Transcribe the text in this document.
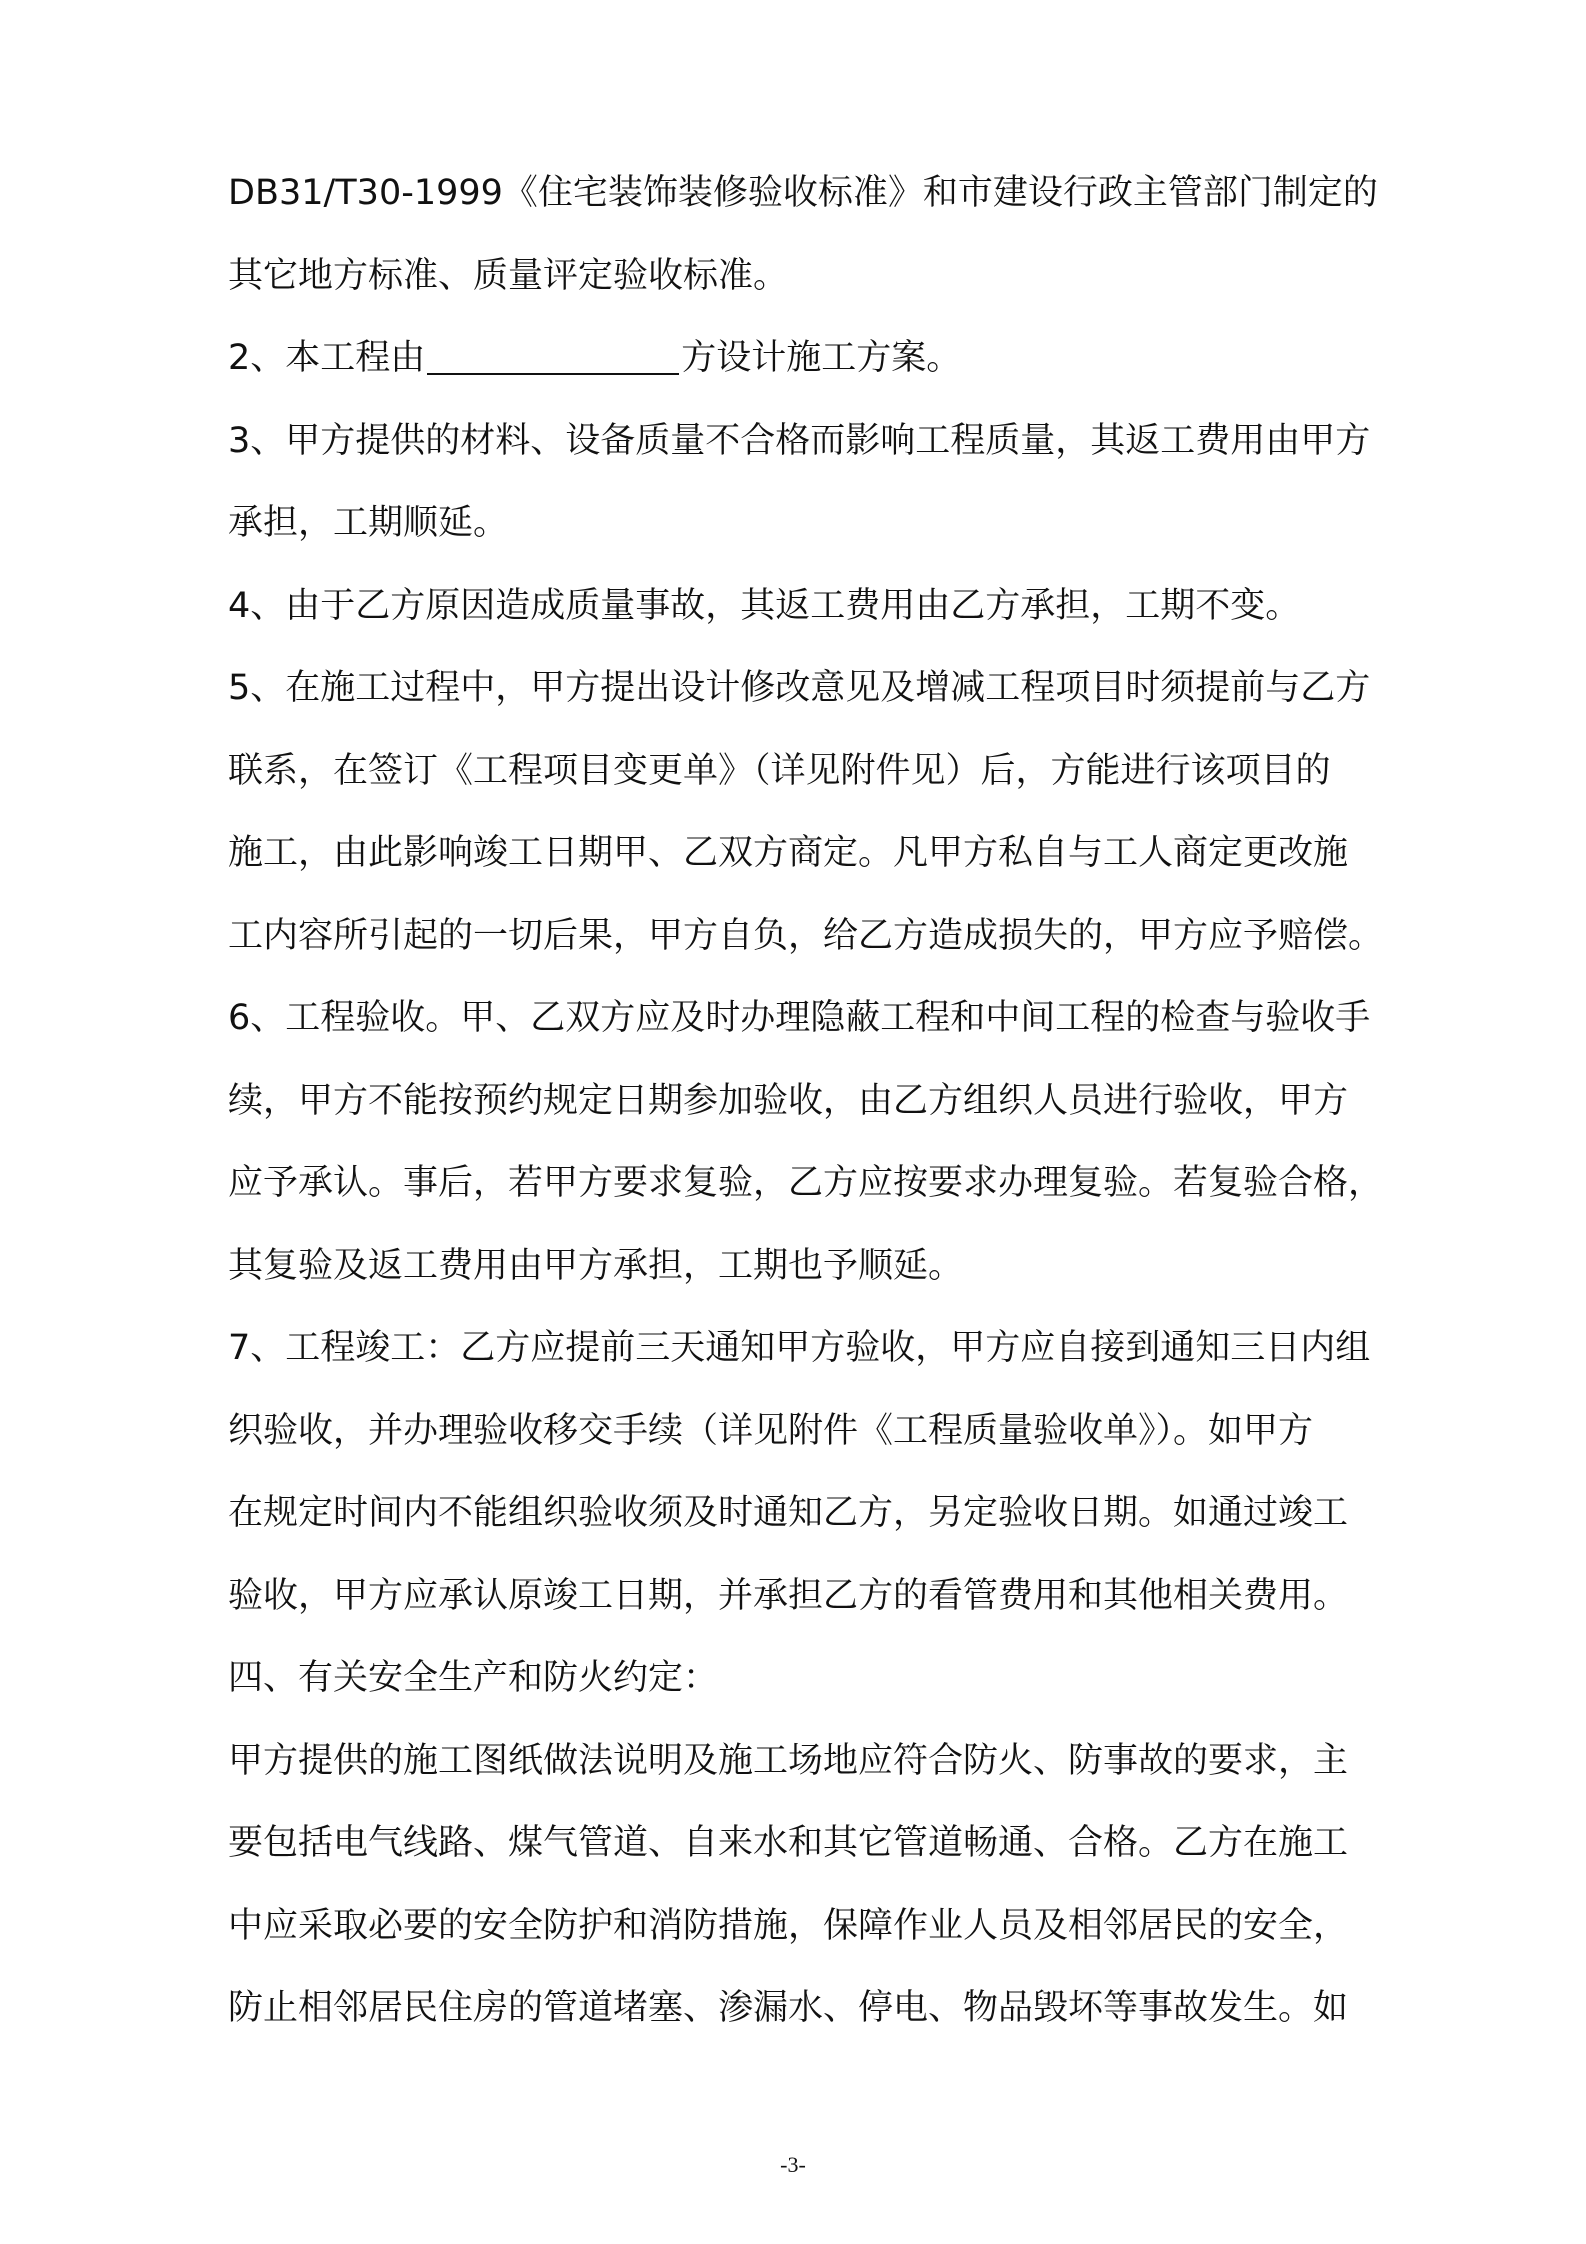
DB31/T30-1999《住宅装饰装修验收标准》和市建设行政主管部门制定的
其它地方标准、质量评定验收标准。
2、本工程由	方设计施工方案。
3、甲方提供的材料、设备质量不合格而影响工程质量，其返工费用由甲方
承担，工期顺延。
4、由于乙方原因造成质量事故，其返工费用由乙方承担，工期不变。
5、在施工过程中，甲方提出设计修改意见及增减工程项目时须提前与乙方
联系，在签订《工程项目变更单》（详见附件见）后，方能进行该项目的
施工，由此影响竣工日期甲、乙双方商定。凡甲方私自与工人商定更改施
工内容所引起的一切后果，甲方自负，给乙方造成损失的，甲方应予赔偿。
6、工程验收。甲、乙双方应及时办理隐蔽工程和中间工程的检查与验收手
续，甲方不能按预约规定日期参加验收，由乙方组织人员进行验收，甲方
应予承认。事后，若甲方要求复验，乙方应按要求办理复验。若复验合格，
其复验及返工费用由甲方承担，工期也予顺延。
7、工程竣工：乙方应提前三天通知甲方验收，甲方应自接到通知三日内组
织验收，并办理验收移交手续（详见附件《工程质量验收单》）。如甲方
在规定时间内不能组织验收须及时通知乙方，另定验收日期。如通过竣工
验收，甲方应承认原竣工日期，并承担乙方的看管费用和其他相关费用。
四、有关安全生产和防火约定：
甲方提供的施工图纸做法说明及施工场地应符合防火、防事故的要求，主
要包括电气线路、煤气管道、自来水和其它管道畅通、合格。乙方在施工
中应采取必要的安全防护和消防措施，保障作业人员及相邻居民的安全，
防止相邻居民住房的管道堵塞、渗漏水、停电、物品毁坏等事故发生。如
-3-
